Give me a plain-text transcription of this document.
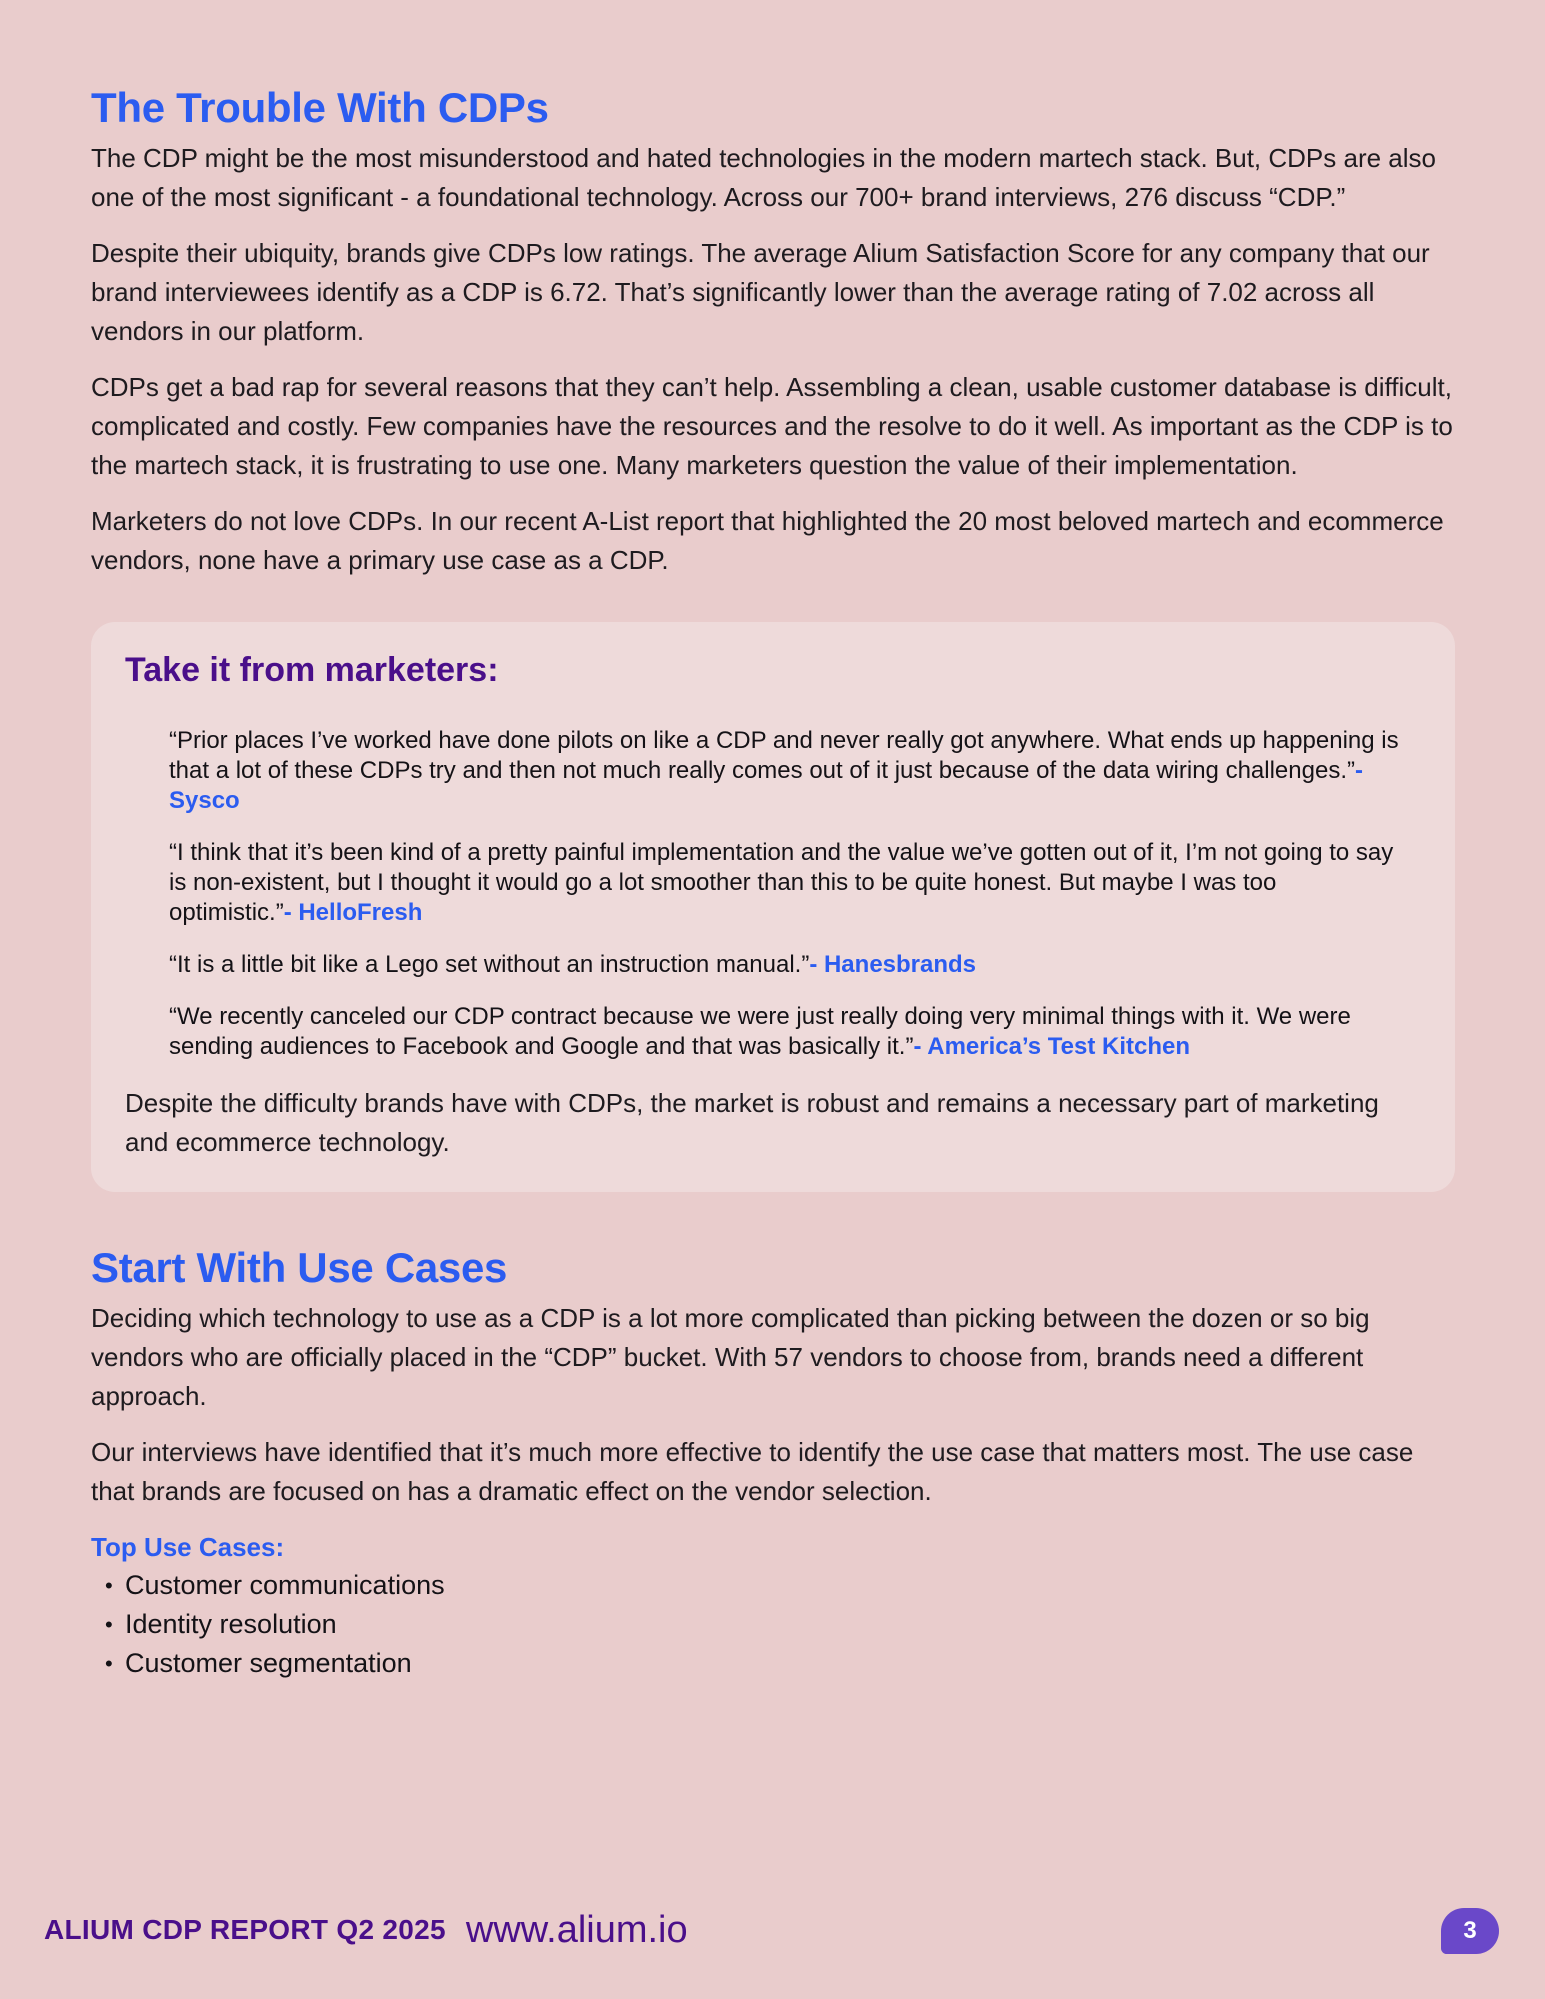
The Trouble With CDPs

The CDP might be the most misunderstood and hated technologies in the modern martech stack. But, CDPs are also one of the most significant - a foundational technology. Across our 700+ brand interviews, 276 discuss “CDP.”

Despite their ubiquity, brands give CDPs low ratings. The average Alium Satisfaction Score for any company that our brand interviewees identify as a CDP is 6.72. That’s significantly lower than the average rating of 7.02 across all vendors in our platform.

CDPs get a bad rap for several reasons that they can’t help. Assembling a clean, usable customer database is difficult, complicated and costly. Few companies have the resources and the resolve to do it well. As important as the CDP is to the martech stack, it is frustrating to use one. Many marketers question the value of their implementation.

Marketers do not love CDPs. In our recent A-List report that highlighted the 20 most beloved martech and ecommerce vendors, none have a primary use case as a CDP.

Take it from marketers:

“Prior places I’ve worked have done pilots on like a CDP and never really got anywhere. What ends up happening is that a lot of these CDPs try and then not much really comes out of it just because of the data wiring challenges.”- Sysco

“I think that it’s been kind of a pretty painful implementation and the value we’ve gotten out of it, I’m not going to say is non-existent, but I thought it would go a lot smoother than this to be quite honest. But maybe I was too optimistic.”- HelloFresh

“It is a little bit like a Lego set without an instruction manual.”- Hanesbrands

“We recently canceled our CDP contract because we were just really doing very minimal things with it. We were sending audiences to Facebook and Google and that was basically it.”- America’s Test Kitchen

Despite the difficulty brands have with CDPs, the market is robust and remains a necessary part of marketing and ecommerce technology.

Start With Use Cases

Deciding which technology to use as a CDP is a lot more complicated than picking between the dozen or so big vendors who are officially placed in the “CDP” bucket. With 57 vendors to choose from, brands need a different approach.

Our interviews have identified that it’s much more effective to identify the use case that matters most. The use case that brands are focused on has a dramatic effect on the vendor selection.

Top Use Cases:
• Customer communications
• Identity resolution
• Customer segmentation
ALIUM CDP REPORT Q2 2025 www.alium.io	3
